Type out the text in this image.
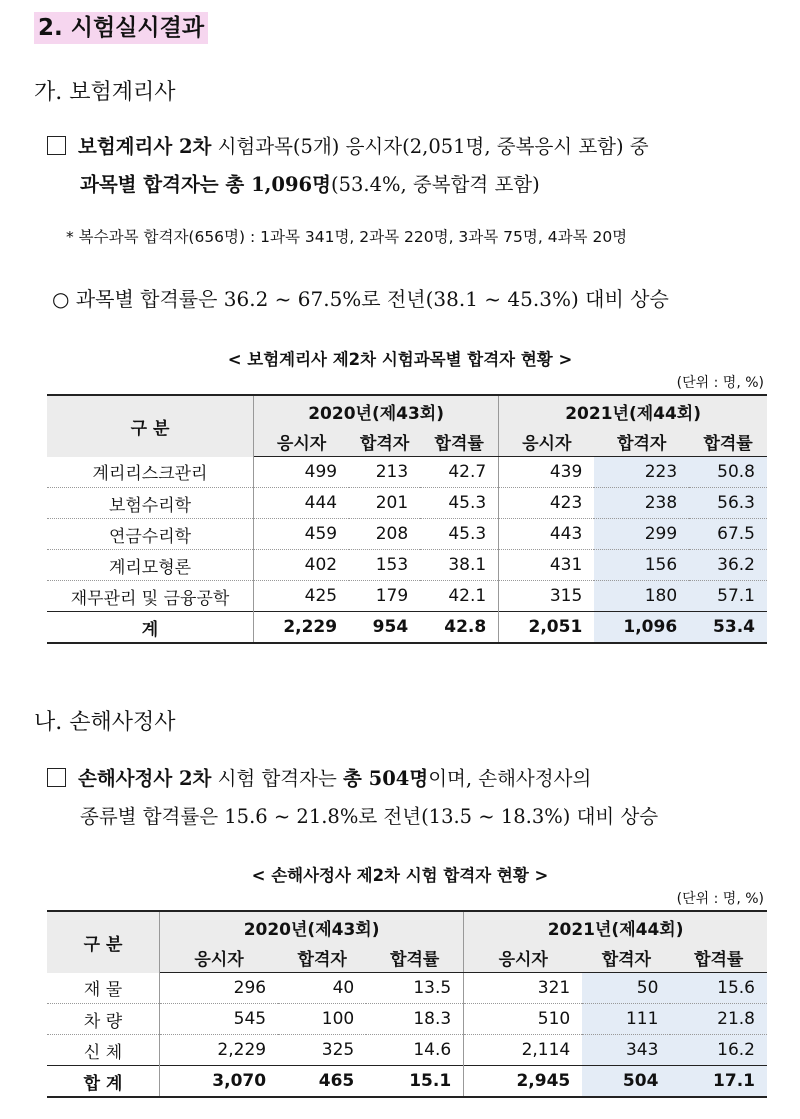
2. 시험실시결과
가. 보험계리사
보험계리사 2차 시험과목(5개) 응시자(2,051명, 중복응시 포함) 중
과목별 합격자는 총 1,096명(53.4%, 중복합격 포함)
* 복수과목 합격자(656명) : 1과목 341명, 2과목 220명, 3과목 75명, 4과목 20명
○ 과목별 합격률은 36.2 ~ 67.5%로 전년(38.1 ~ 45.3%) 대비 상승
< 보험계리사 제2차 시험과목별 합격자 현황 >
(단위 : 명, %)
구 분	2020년(제43회)			2021년(제44회)		
	응시자	합격자	합격률	응시자	합격자	합격률
계리리스크관리	499	213	42.7	439	223	50.8
보험수리학	444	201	45.3	423	238	56.3
연금수리학	459	208	45.3	443	299	67.5
계리모형론	402	153	38.1	431	156	36.2
재무관리 및 금융공학	425	179	42.1	315	180	57.1
계	2,229	954	42.8	2,051	1,096	53.4
나. 손해사정사
손해사정사 2차 시험 합격자는 총 504명이며, 손해사정사의
종류별 합격률은 15.6 ~ 21.8%로 전년(13.5 ~ 18.3%) 대비 상승
< 손해사정사 제2차 시험 합격자 현황 >
(단위 : 명, %)
구 분	2020년(제43회)			2021년(제44회)		
	응시자	합격자	합격률	응시자	합격자	합격률
재 물	296	40	13.5	321	50	15.6
차 량	545	100	18.3	510	111	21.8
신 체	2,229	325	14.6	2,114	343	16.2
합 계	3,070	465	15.1	2,945	504	17.1
